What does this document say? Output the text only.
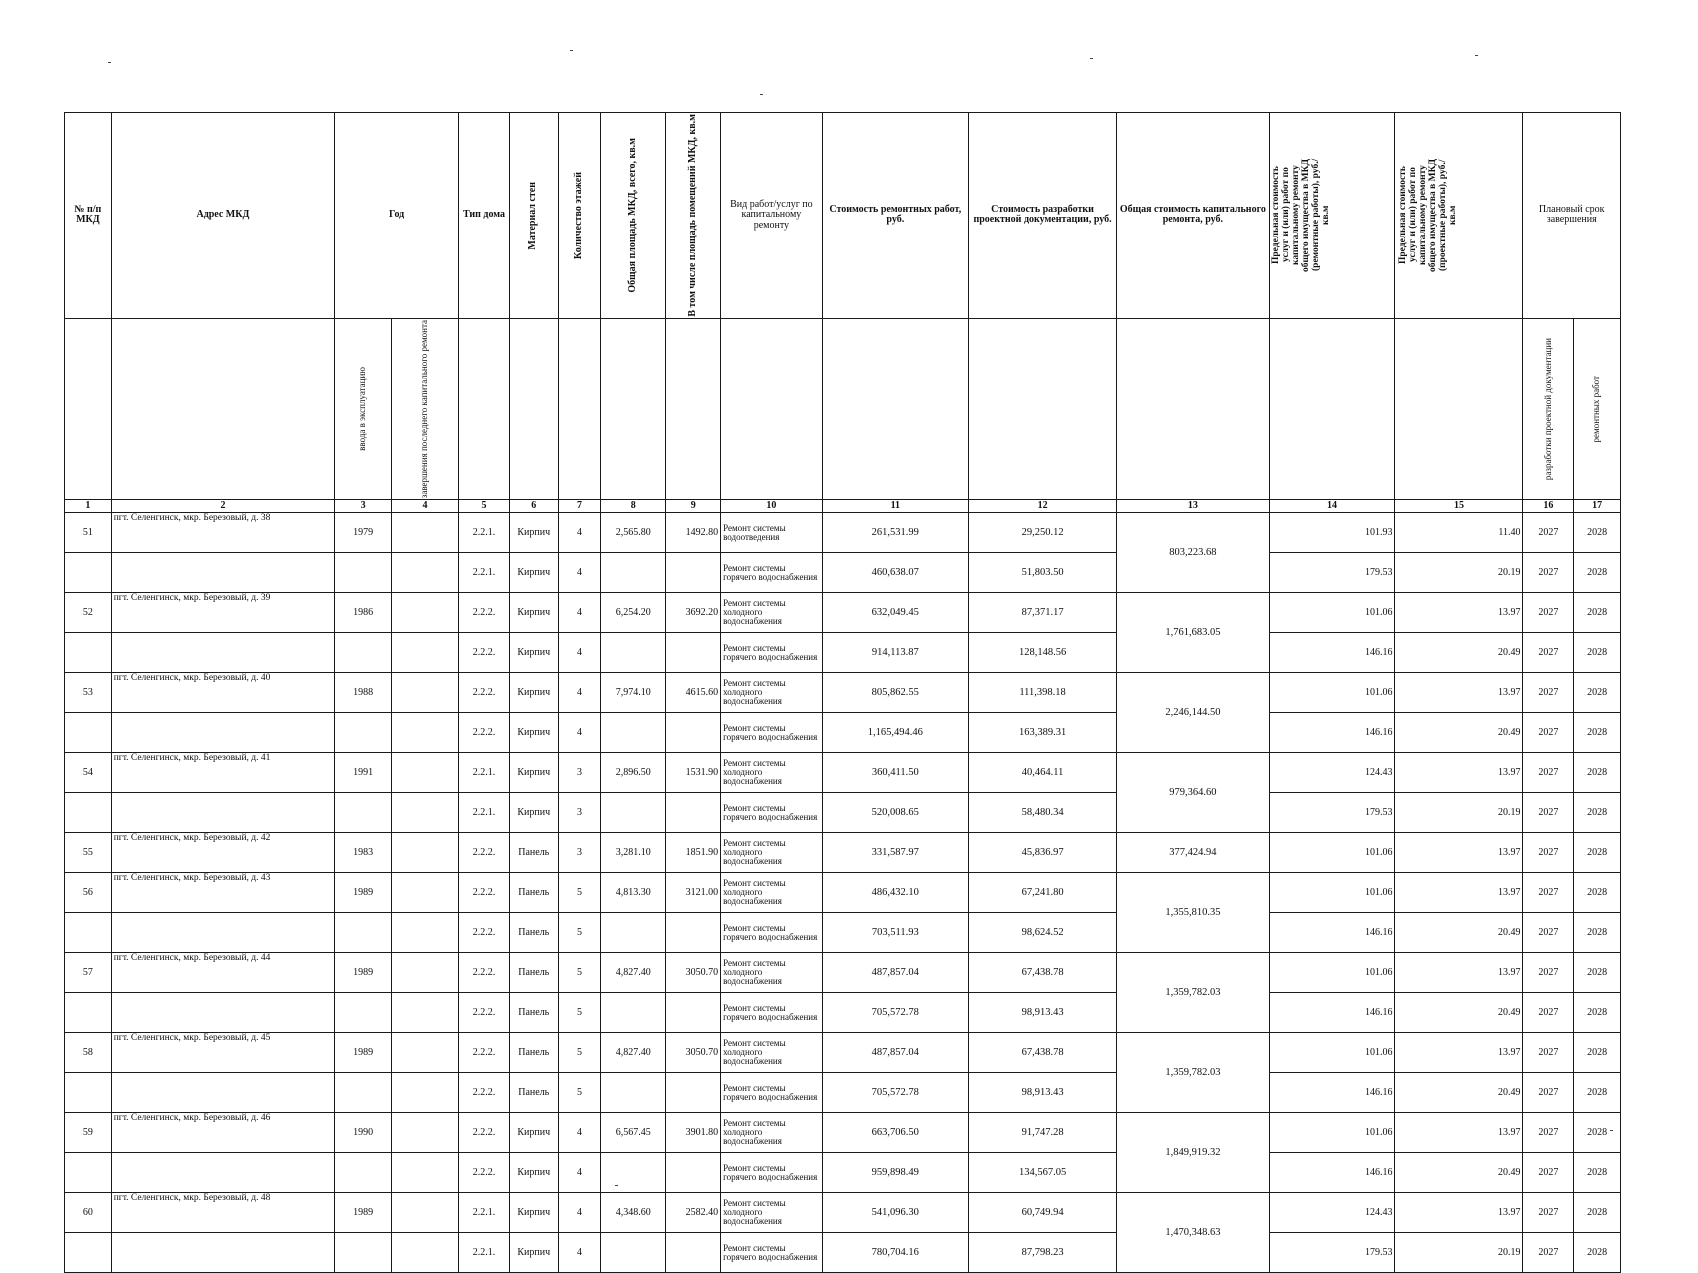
№ п/п МКД	Адрес МКД	Год		Тип дома	Материал стен	Количество этажей	Общая площадь МКД, всего, кв.м	В том числе площадь помещений МКД, кв.м	Вид работ/услуг по капитальному ремонту	Стоимость ремонтных работ, руб.	Стоимость разработки проектной документации, руб.	Общая стоимость капитального ремонта, руб.	Предельная стоимость услуг и (или) работ по капитальному ремонту общего имущества в МКД (ремонтные работы), руб./кв.м	Предельная стоимость услуг и (или) работ по капитальному ремонту общего имущества в МКД (проектные работы), руб./кв.м	Плановый срок завершения	

		ввода в эксплуатацию	завершения последнего капитального ремонта												разработки проектной документации	ремонтных работ

1	2	3	4	5	6	7	8	9	10	11	12	13	14	15	16	17
51	пгт. Селенгинск, мкр. Березовый, д. 38	1979		2.2.1.	Кирпич	4	2,565.80	1492.80	Ремонт системы водоотведения	261,531.99	29,250.12	803,223.68	101.93	11.40	2027	2028
				2.2.1.	Кирпич	4			Ремонт системы горячего водоснабжения	460,638.07	51,803.50		179.53	20.19	2027	2028
52	пгт. Селенгинск, мкр. Березовый, д. 39	1986		2.2.2.	Кирпич	4	6,254.20	3692.20	Ремонт системы холодного водоснабжения	632,049.45	87,371.17	1,761,683.05	101.06	13.97	2027	2028
				2.2.2.	Кирпич	4			Ремонт системы горячего водоснабжения	914,113.87	128,148.56		146.16	20.49	2027	2028
53	пгт. Селенгинск, мкр. Березовый, д. 40	1988		2.2.2.	Кирпич	4	7,974.10	4615.60	Ремонт системы холодного водоснабжения	805,862.55	111,398.18	2,246,144.50	101.06	13.97	2027	2028
				2.2.2.	Кирпич	4			Ремонт системы горячего водоснабжения	1,165,494.46	163,389.31		146.16	20.49	2027	2028
54	пгт. Селенгинск, мкр. Березовый, д. 41	1991		2.2.1.	Кирпич	3	2,896.50	1531.90	Ремонт системы холодного водоснабжения	360,411.50	40,464.11	979,364.60	124.43	13.97	2027	2028
				2.2.1.	Кирпич	3			Ремонт системы горячего водоснабжения	520,008.65	58,480.34		179.53	20.19	2027	2028
55	пгт. Селенгинск, мкр. Березовый, д. 42	1983		2.2.2.	Панель	3	3,281.10	1851.90	Ремонт системы холодного водоснабжения	331,587.97	45,836.97	377,424.94	101.06	13.97	2027	2028
56	пгт. Селенгинск, мкр. Березовый, д. 43	1989		2.2.2.	Панель	5	4,813.30	3121.00	Ремонт системы холодного водоснабжения	486,432.10	67,241.80	1,355,810.35	101.06	13.97	2027	2028
				2.2.2.	Панель	5			Ремонт системы горячего водоснабжения	703,511.93	98,624.52		146.16	20.49	2027	2028
57	пгт. Селенгинск, мкр. Березовый, д. 44	1989		2.2.2.	Панель	5	4,827.40	3050.70	Ремонт системы холодного водоснабжения	487,857.04	67,438.78	1,359,782.03	101.06	13.97	2027	2028
				2.2.2.	Панель	5			Ремонт системы горячего водоснабжения	705,572.78	98,913.43		146.16	20.49	2027	2028
58	пгт. Селенгинск, мкр. Березовый, д. 45	1989		2.2.2.	Панель	5	4,827.40	3050.70	Ремонт системы холодного водоснабжения	487,857.04	67,438.78	1,359,782.03	101.06	13.97	2027	2028
				2.2.2.	Панель	5			Ремонт системы горячего водоснабжения	705,572.78	98,913.43		146.16	20.49	2027	2028
59	пгт. Селенгинск, мкр. Березовый, д. 46	1990		2.2.2.	Кирпич	4	6,567.45	3901.80	Ремонт системы холодного водоснабжения	663,706.50	91,747.28	1,849,919.32	101.06	13.97	2027	2028
				2.2.2.	Кирпич	4			Ремонт системы горячего водоснабжения	959,898.49	134,567.05		146.16	20.49	2027	2028
60	пгт. Селенгинск, мкр. Березовый, д. 48	1989		2.2.1.	Кирпич	4	4,348.60	2582.40	Ремонт системы холодного водоснабжения	541,096.30	60,749.94	1,470,348.63	124.43	13.97	2027	2028
				2.2.1.	Кирпич	4			Ремонт системы горячего водоснабжения	780,704.16	87,798.23		179.53	20.19	2027	2028
